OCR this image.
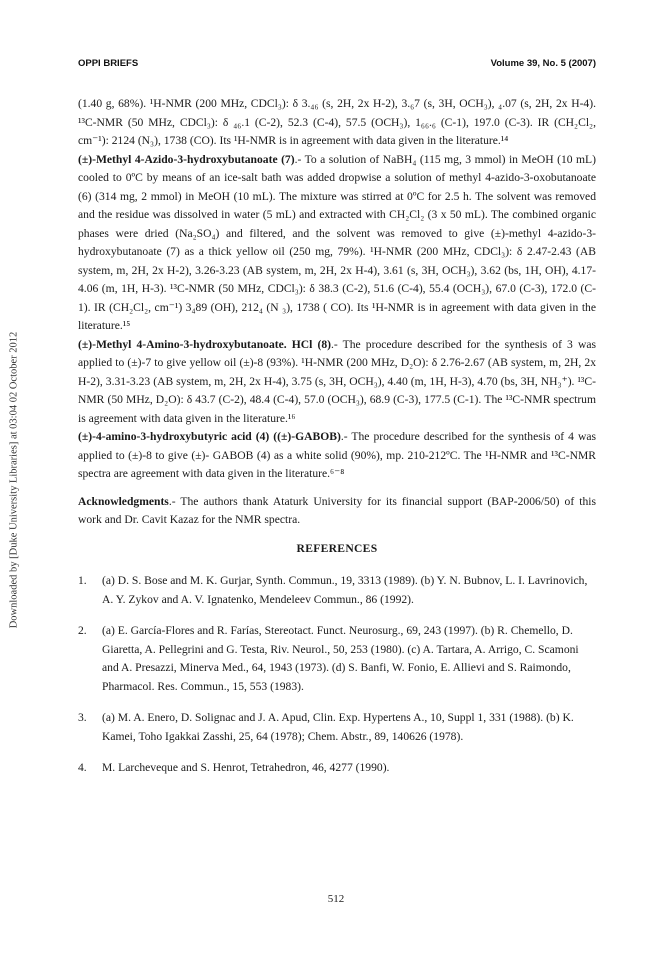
Downloaded by [Duke University Libraries] at 03:04 02 October 2012
OPPI BRIEFS	Volume 39, No. 5 (2007)

(1.40 g, 68%). ¹H-NMR (200 MHz, CDCl₃): δ 3.₄₆ (s, 2H, 2x H-2), 3.₆7 (s, 3H, OCH₃), ₄.07 (s, 2H, 2x H-4). ¹³C-NMR (50 MHz, CDCl₃): δ ₄₆.1 (C-2), 52.3 (C-4), 57.5 (OCH₃), 1₆₆.₆ (C-1), 197.0 (C-3). IR (CH₂Cl₂, cm⁻¹): 2124 (N₃), 1738 (CO). Its ¹H-NMR is in agreement with data given in the literature.¹⁴

(±)-Methyl 4-Azido-3-hydroxybutanoate (7).- To a solution of NaBH₄ (115 mg, 3 mmol) in MeOH (10 mL) cooled to 0ºC by means of an ice-salt bath was added dropwise a solution of methyl 4-azido-3-oxobutanoate (6) (314 mg, 2 mmol) in MeOH (10 mL). The mixture was stirred at 0ºC for 2.5 h. The solvent was removed and the residue was dissolved in water (5 mL) and extracted with CH₂Cl₂ (3 x 50 mL). The combined organic phases were dried (Na₂SO₄) and filtered, and the solvent was removed to give (±)-methyl 4-azido-3-hydroxybutanoate (7) as a thick yellow oil (250 mg, 79%). ¹H-NMR (200 MHz, CDCl₃): δ 2.47-2.43 (AB system, m, 2H, 2x H-2), 3.26-3.23 (AB system, m, 2H, 2x H-4), 3.61 (s, 3H, OCH₃), 3.62 (bs, 1H, OH), 4.17-4.06 (m, 1H, H-3). ¹³C-NMR (50 MHz, CDCl₃): δ 38.3 (C-2), 51.6 (C-4), 55.4 (OCH₃), 67.0 (C-3), 172.0 (C-1). IR (CH₂Cl₂, cm⁻¹) 3₄89 (OH), 212₄ (N ₃), 1738 ( CO). Its ¹H-NMR is in agreement with data given in the literature.¹⁵

(±)-Methyl 4-Amino-3-hydroxybutanoate. HCl (8).- The procedure described for the synthesis of 3 was applied to (±)-7 to give yellow oil (±)-8 (93%). ¹H-NMR (200 MHz, D₂O): δ 2.76-2.67 (AB system, m, 2H, 2x H-2), 3.31-3.23 (AB system, m, 2H, 2x H-4), 3.75 (s, 3H, OCH₃), 4.40 (m, 1H, H-3), 4.70 (bs, 3H, NH₃⁺). ¹³C-NMR (50 MHz, D₂O): δ 43.7 (C-2), 48.4 (C-4), 57.0 (OCH₃), 68.9 (C-3), 177.5 (C-1). The ¹³C-NMR spectrum is agreement with data given in the literature.¹⁶

(±)-4-amino-3-hydroxybutyric acid (4) ((±)-GABOB).- The procedure described for the synthesis of 4 was applied to (±)-8 to give (±)- GABOB (4) as a white solid (90%), mp. 210-212ºC. The ¹H-NMR and ¹³C-NMR spectra are agreement with data given in the literature.⁶⁻⁸

Acknowledgments.- The authors thank Ataturk University for its financial support (BAP-2006/50) of this work and Dr. Cavit Kazaz for the NMR spectra.

REFERENCES
1.	(a) D. S. Bose and M. K. Gurjar, Synth. Commun., 19, 3313 (1989). (b) Y. N. Bubnov, L. I. Lavrinovich, A. Y. Zykov and A. V. Ignatenko, Mendeleev Commun., 86 (1992).
2.	(a) E. García-Flores and R. Farías, Stereotact. Funct. Neurosurg., 69, 243 (1997). (b) R. Chemello, D. Giaretta, A. Pellegrini and G. Testa, Riv. Neurol., 50, 253 (1980). (c) A. Tartara, A. Arrigo, C. Scamoni and A. Presazzi, Minerva Med., 64, 1943 (1973). (d) S. Banfi, W. Fonio, E. Allievi and S. Raimondo, Pharmacol. Res. Commun., 15, 553 (1983).
3.	(a) M. A. Enero, D. Solignac and J. A. Apud, Clin. Exp. Hypertens A., 10, Suppl 1, 331 (1988). (b) K. Kamei, Toho Igakkai Zasshi, 25, 64 (1978); Chem. Abstr., 89, 140626 (1978).
4.	M. Larcheveque and S. Henrot, Tetrahedron, 46, 4277 (1990).
512
